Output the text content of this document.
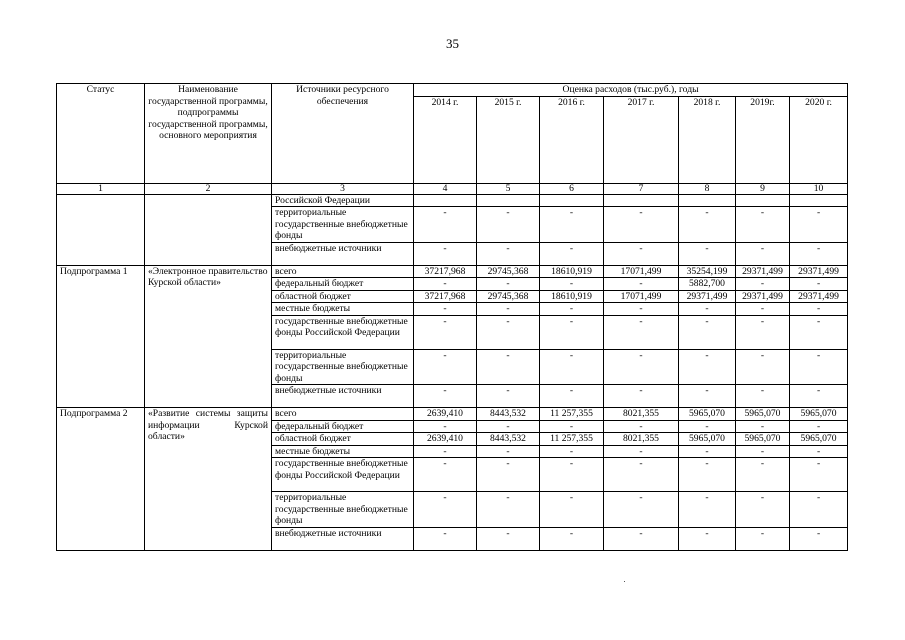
35
Статус	Наименование государственной программы, подпрограммы государственной программы, основного мероприятия	Источники ресурсного обеспечения	Оценка расходов (тыс.руб.), годы						
			2014 г.	2015 г.	2016 г.	2017 г.	2018 г.	2019г.	2020 г.
1	2	3	4	5	6	7	8	9	10
		Российской Федерации							
		территориальные государственные внебюджетные фонды	-	-	-	-	-	-	-
		внебюджетные источники	-	-	-	-	-	-	-
Подпрограмма 1	«Электронное правительство Курской области»	всего	37217,968	29745,368	18610,919	17071,499	35254,199	29371,499	29371,499
		федеральный бюджет	-	-	-	-	5882,700	-	-
		областной бюджет	37217,968	29745,368	18610,919	17071,499	29371,499	29371,499	29371,499
		местные бюджеты	-	-	-	-	-	-	-
		государственные внебюджетные фонды Российской Федерации	-	-	-	-	-	-	-
		территориальные государственные внебюджетные фонды	-	-	-	-	-	-	-
		внебюджетные источники	-	-	-	-	-	-	-
Подпрограмма 2	«Развитие системы защиты информации Курской области»	всего	2639,410	8443,532	11 257,355	8021,355	5965,070	5965,070	5965,070
		федеральный бюджет	-	-	-	-	-	-	-
		областной бюджет	2639,410	8443,532	11 257,355	8021,355	5965,070	5965,070	5965,070
		местные бюджеты	-	-	-	-	-	-	-
		государственные внебюджетные фонды Российской Федерации	-	-	-	-	-	-	-
		территориальные государственные внебюджетные фонды	-	-	-	-	-	-	-
		внебюджетные источники	-	-	-	-	-	-	-
